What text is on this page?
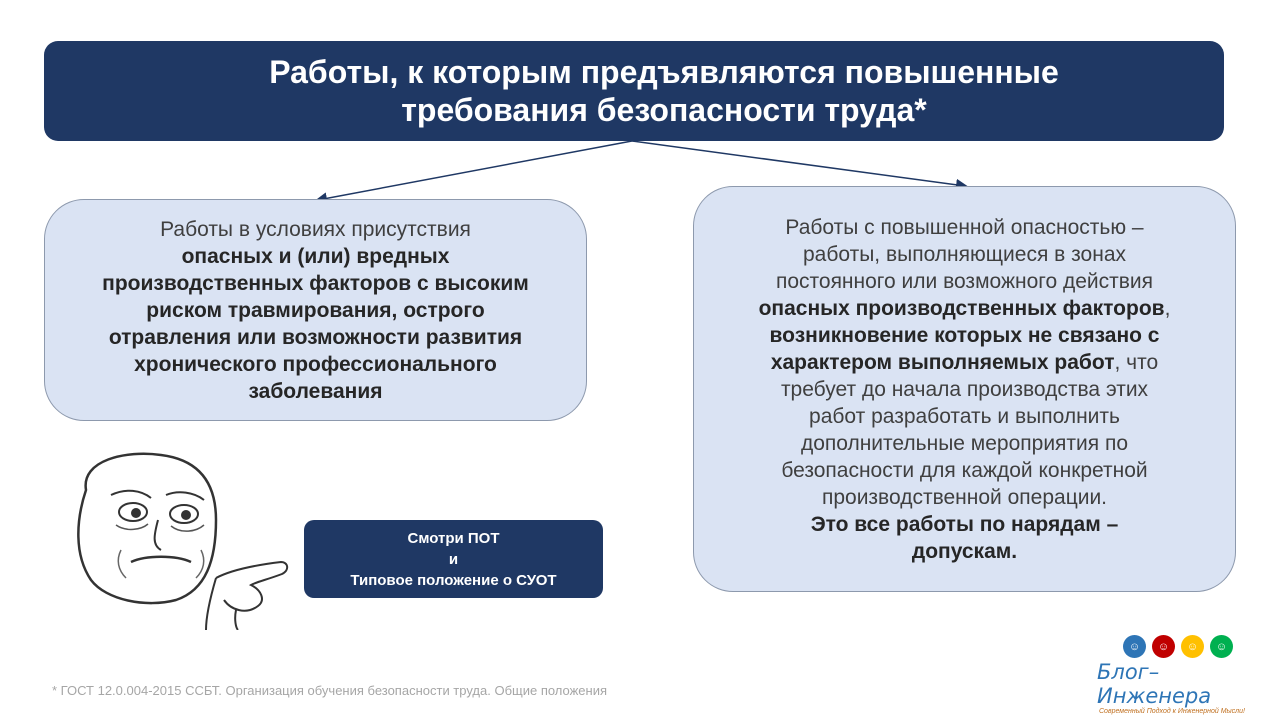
Работы, к которым предъявляются повышенные
требования безопасности труда*
Работы в условиях присутствия
опасных и (или) вредных
производственных факторов с высоким
риском травмирования, острого
отравления или возможности развития
хронического профессионального
заболевания
Работы с повышенной опасностью –
работы, выполняющиеся в зонах
постоянного или возможного действия
опасных производственных факторов,
возникновение которых не связано с
характером выполняемых работ, что
требует до начала производства этих
работ разработать и выполнить
дополнительные мероприятия по
безопасности для каждой конкретной
производственной операции.
Это все работы по нарядам –
допускам.
Смотри ПОТ
и
Типовое положение о СУОТ
* ГОСТ 12.0.004-2015 ССБТ. Организация обучения безопасности труда. Общие положения
☺	☺	☺	☺
Блог–Инженера
Современный Подход к Инженерной Мысли!
